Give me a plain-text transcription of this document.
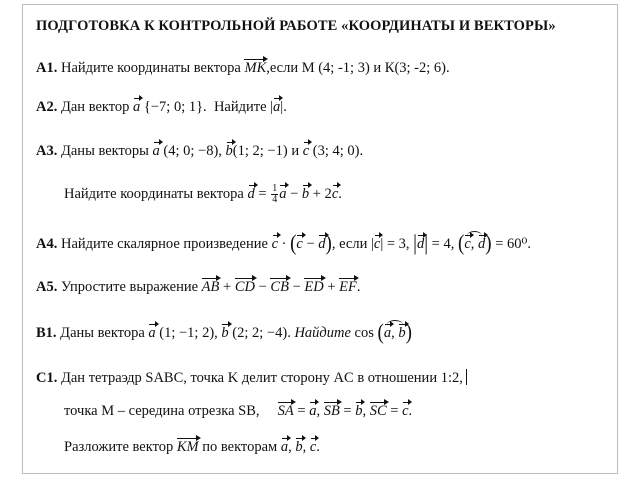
ПОДГОТОВКА К КОНТРОЛЬНОЙ РАБОТЕ «КООРДИНАТЫ И ВЕКТОРЫ»
А1. Найдите координаты вектора MK,если М (4; -1; 3) и К(3; -2; 6).
А2. Дан вектор a {−7; 0; 1}. Найдите |a|.
А3. Даны векторы a (4; 0; −8), b(1; 2; −1) и c (3; 4; 0).
Найдите координаты вектора $d = \frac{1}{4}$ a − b + 2c.
А4. Найдите скалярное произведение c · (c − d), если |c| = 3, |d| = 4, (c, d) = 60⁰.
А5. Упростите выражение AB + CD − CB − ED + EF.
В1. Даны вектора a (1; −1; 2), b (2; 2; −4). Найдите cos (a, b)
С1. Дан тетраэдр SABC, точка K делит сторону AC в отношении 1:2,
точка M – середина отрезка SB, SA = a, SB = b, SC = c.
Разложите вектор KM по векторам a, b, c.
